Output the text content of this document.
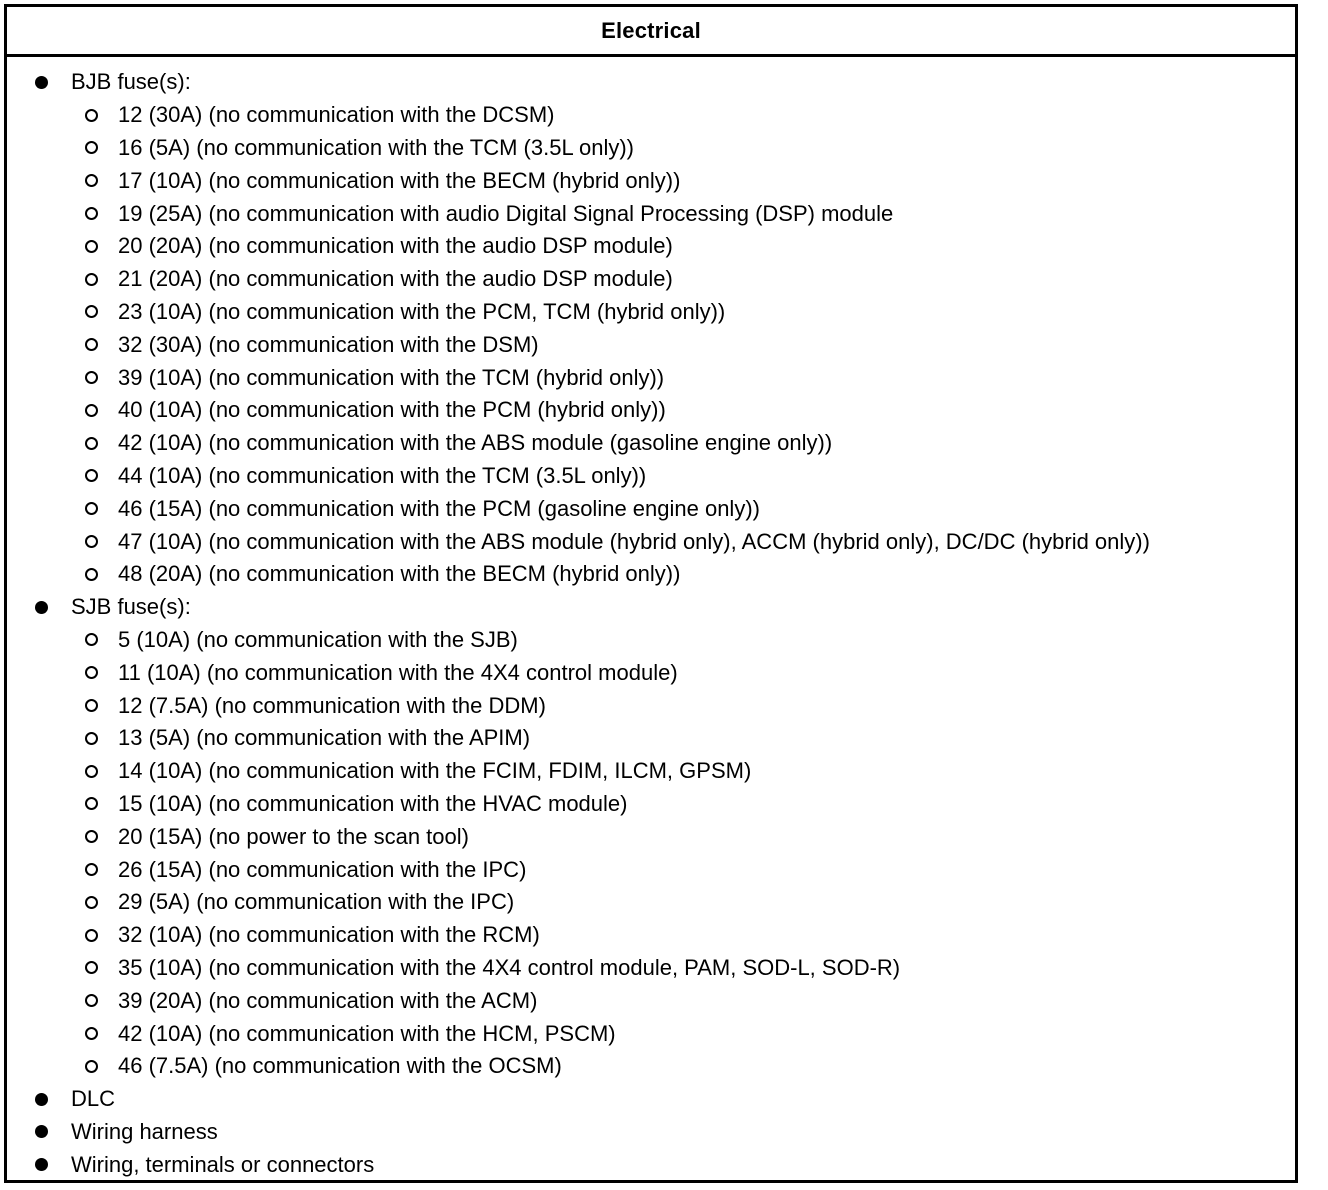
Electrical
BJB fuse(s):
12 (30A) (no communication with the DCSM)
16 (5A) (no communication with the TCM (3.5L only))
17 (10A) (no communication with the BECM (hybrid only))
19 (25A) (no communication with audio Digital Signal Processing (DSP) module
20 (20A) (no communication with the audio DSP module)
21 (20A) (no communication with the audio DSP module)
23 (10A) (no communication with the PCM, TCM (hybrid only))
32 (30A) (no communication with the DSM)
39 (10A) (no communication with the TCM (hybrid only))
40 (10A) (no communication with the PCM (hybrid only))
42 (10A) (no communication with the ABS module (gasoline engine only))
44 (10A) (no communication with the TCM (3.5L only))
46 (15A) (no communication with the PCM (gasoline engine only))
47 (10A) (no communication with the ABS module (hybrid only), ACCM (hybrid only), DC/DC (hybrid only))
48 (20A) (no communication with the BECM (hybrid only))
SJB fuse(s):
5 (10A) (no communication with the SJB)
11 (10A) (no communication with the 4X4 control module)
12 (7.5A) (no communication with the DDM)
13 (5A) (no communication with the APIM)
14 (10A) (no communication with the FCIM, FDIM, ILCM, GPSM)
15 (10A) (no communication with the HVAC module)
20 (15A) (no power to the scan tool)
26 (15A) (no communication with the IPC)
29 (5A) (no communication with the IPC)
32 (10A) (no communication with the RCM)
35 (10A) (no communication with the 4X4 control module, PAM, SOD-L, SOD-R)
39 (20A) (no communication with the ACM)
42 (10A) (no communication with the HCM, PSCM)
46 (7.5A) (no communication with the OCSM)
DLC
Wiring harness
Wiring, terminals or connectors
